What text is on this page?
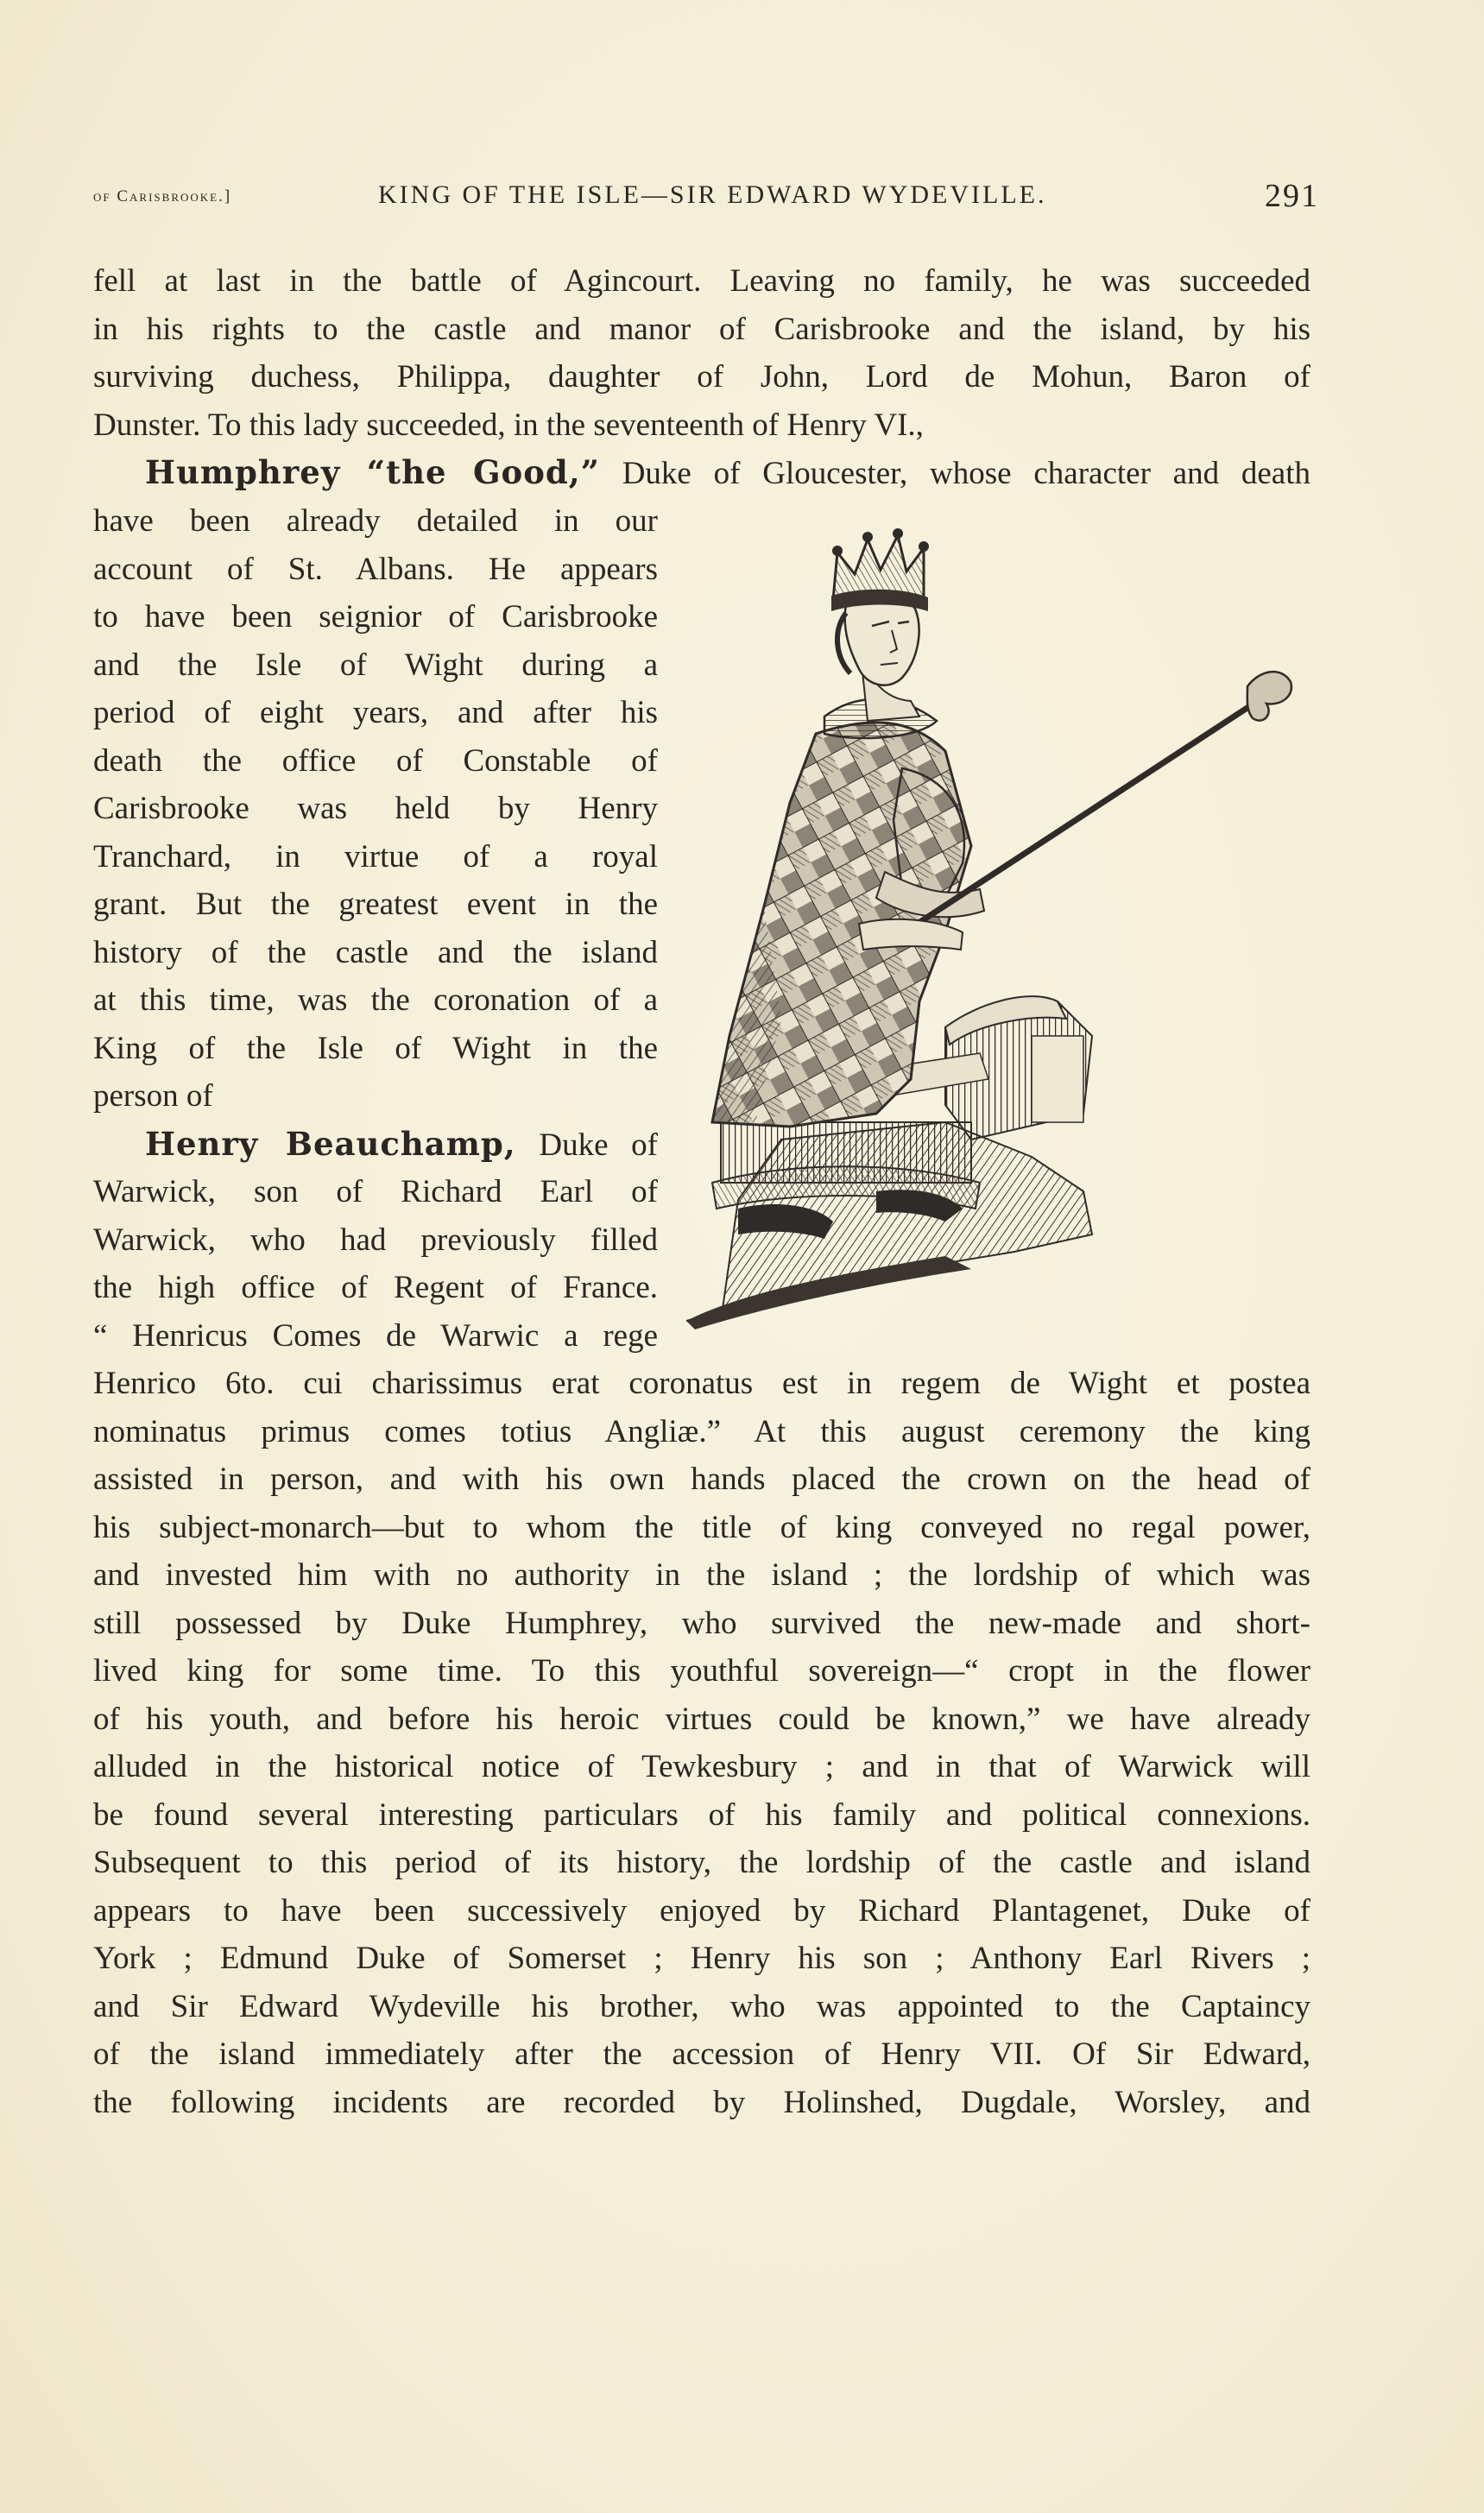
of Carisbrooke.]	KING OF THE ISLE—SIR EDWARD WYDEVILLE.	291
fell at last in the battle of Agincourt. Leaving no family, he was succeeded
in his rights to the castle and manor of Carisbrooke and the island, by his
surviving duchess, Philippa, daughter of John, Lord de Mohun, Baron of
Dunster. To this lady succeeded, in the seventeenth of Henry VI.,
Humphrey “the Good,” Duke of Gloucester, whose character and death
have been already detailed in our
account of St. Albans. He appears
to have been seignior of Carisbrooke
and the Isle of Wight during a
period of eight years, and after his
death the office of Constable of
Carisbrooke was held by Henry
Tranchard, in virtue of a royal
grant. But the greatest event in the
history of the castle and the island
at this time, was the coronation of a
King of the Isle of Wight in the
person of
Henry Beauchamp, Duke of
Warwick, son of Richard Earl of
Warwick, who had previously filled
the high office of Regent of France.
“ Henricus Comes de Warwic a rege
Henrico 6to. cui charissimus erat coronatus est in regem de Wight et postea
nominatus primus comes totius Angliæ.” At this august ceremony the king
assisted in person, and with his own hands placed the crown on the head of
his subject-monarch—but to whom the title of king conveyed no regal power,
and invested him with no authority in the island ; the lordship of which was
still possessed by Duke Humphrey, who survived the new-made and short-
lived king for some time. To this youthful sovereign—“ cropt in the flower
of his youth, and before his heroic virtues could be known,” we have already
alluded in the historical notice of Tewkesbury ; and in that of Warwick will
be found several interesting particulars of his family and political connexions.
Subsequent to this period of its history, the lordship of the castle and island
appears to have been successively enjoyed by Richard Plantagenet, Duke of
York ; Edmund Duke of Somerset ; Henry his son ; Anthony Earl Rivers ;
and Sir Edward Wydeville his brother, who was appointed to the Captaincy
of the island immediately after the accession of Henry VII. Of Sir Edward,
the following incidents are recorded by Holinshed, Dugdale, Worsley, and
